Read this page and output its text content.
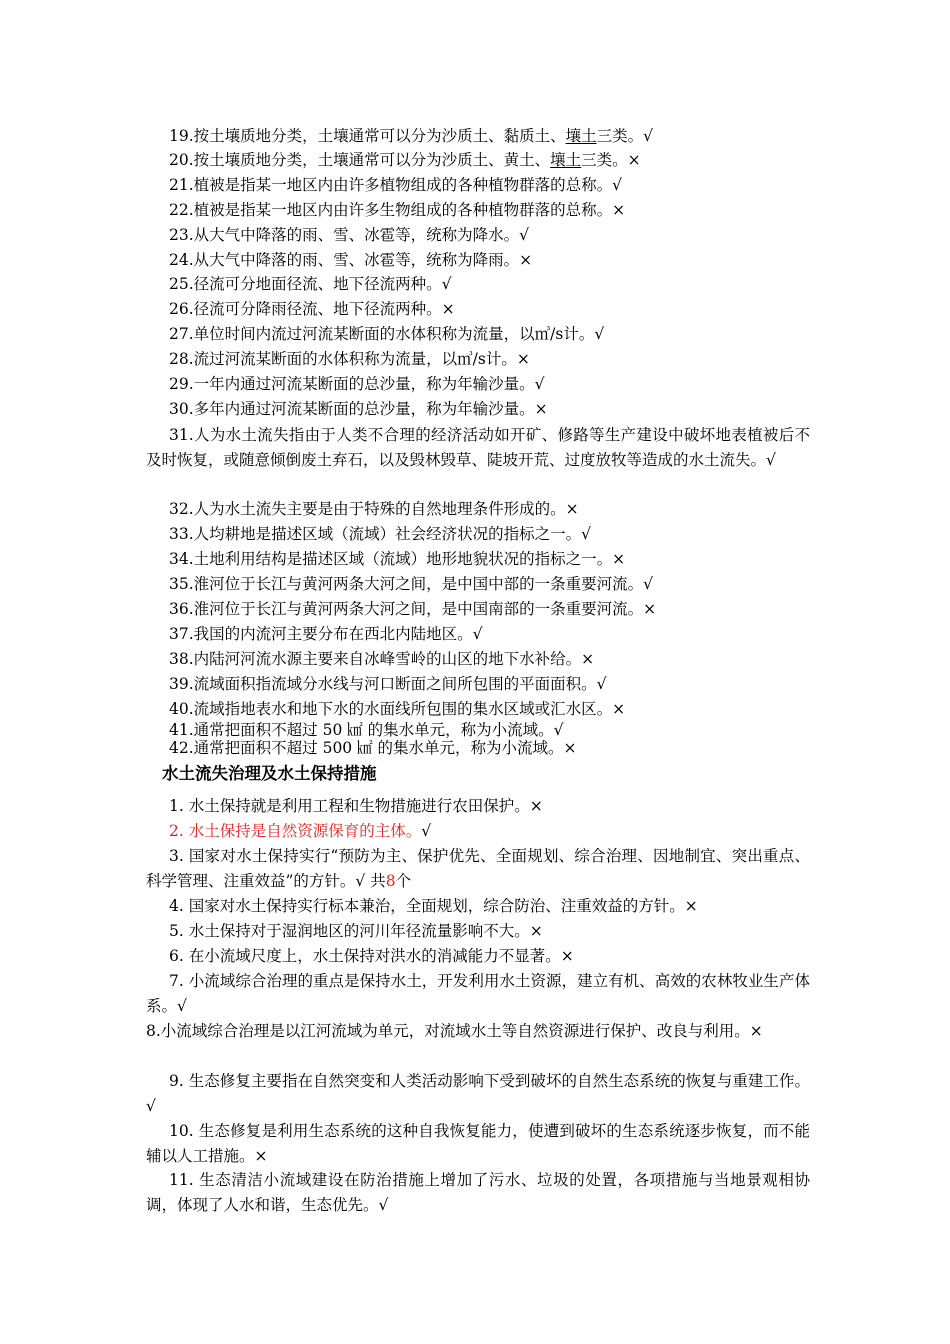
19.按土壤质地分类，土壤通常可以分为沙质土、黏质土、壤土三类。√
20.按土壤质地分类，土壤通常可以分为沙质土、黄土、壤土三类。×
21.植被是指某一地区内由许多植物组成的各种植物群落的总称。√
22.植被是指某一地区内由许多生物组成的各种植物群落的总称。×
23.从大气中降落的雨、雪、冰雹等，统称为降水。√
24.从大气中降落的雨、雪、冰雹等，统称为降雨。×
25.径流可分地面径流、地下径流两种。√
26.径流可分降雨径流、地下径流两种。×
27.单位时间内流过河流某断面的水体积称为流量，以㎥/s计。√
28.流过河流某断面的水体积称为流量，以㎥/s计。×
29.一年内通过河流某断面的总沙量，称为年输沙量。√
30.多年内通过河流某断面的总沙量，称为年输沙量。×
31.人为水土流失指由于人类不合理的经济活动如开矿、修路等生产建设中破坏地表植被后不及时恢复，或随意倾倒废土弃石，以及毁林毁草、陡坡开荒、过度放牧等造成的水土流失。√
32.人为水土流失主要是由于特殊的自然地理条件形成的。×
33.人均耕地是描述区域（流域）社会经济状况的指标之一。√
34.土地利用结构是描述区域（流域）地形地貌状况的指标之一。×
35.淮河位于长江与黄河两条大河之间，是中国中部的一条重要河流。√
36.淮河位于长江与黄河两条大河之间，是中国南部的一条重要河流。×
37.我国的内流河主要分布在西北内陆地区。√
38.内陆河河流水源主要来自冰峰雪岭的山区的地下水补给。×
39.流域面积指流域分水线与河口断面之间所包围的平面面积。√
40.流域指地表水和地下水的水面线所包围的集水区域或汇水区。×
41.通常把面积不超过 50 ㎢ 的集水单元，称为小流域。√
42.通常把面积不超过 500 ㎢ 的集水单元，称为小流域。×
水土流失治理及水土保持措施
1. 水土保持就是利用工程和生物措施进行农田保护。×
2. 水土保持是自然资源保育的主体。√
3. 国家对水土保持实行“预防为主、保护优先、全面规划、综合治理、因地制宜、突出重点、科学管理、注重效益”的方针。√ 共8个
4. 国家对水土保持实行标本兼治，全面规划，综合防治、注重效益的方针。×
5. 水土保持对于湿润地区的河川年径流量影响不大。×
6. 在小流域尺度上，水土保持对洪水的消减能力不显著。×
7. 小流域综合治理的重点是保持水土，开发利用水土资源，建立有机、高效的农林牧业生产体系。√
8.小流域综合治理是以江河流域为单元，对流域水土等自然资源进行保护、改良与利用。×
9. 生态修复主要指在自然突变和人类活动影响下受到破坏的自然生态系统的恢复与重建工作。 √
10. 生态修复是利用生态系统的这种自我恢复能力，使遭到破坏的生态系统逐步恢复，而不能辅以人工措施。×
11. 生态清洁小流域建设在防治措施上增加了污水、垃圾的处置，各项措施与当地景观相协调，体现了人水和谐，生态优先。√
